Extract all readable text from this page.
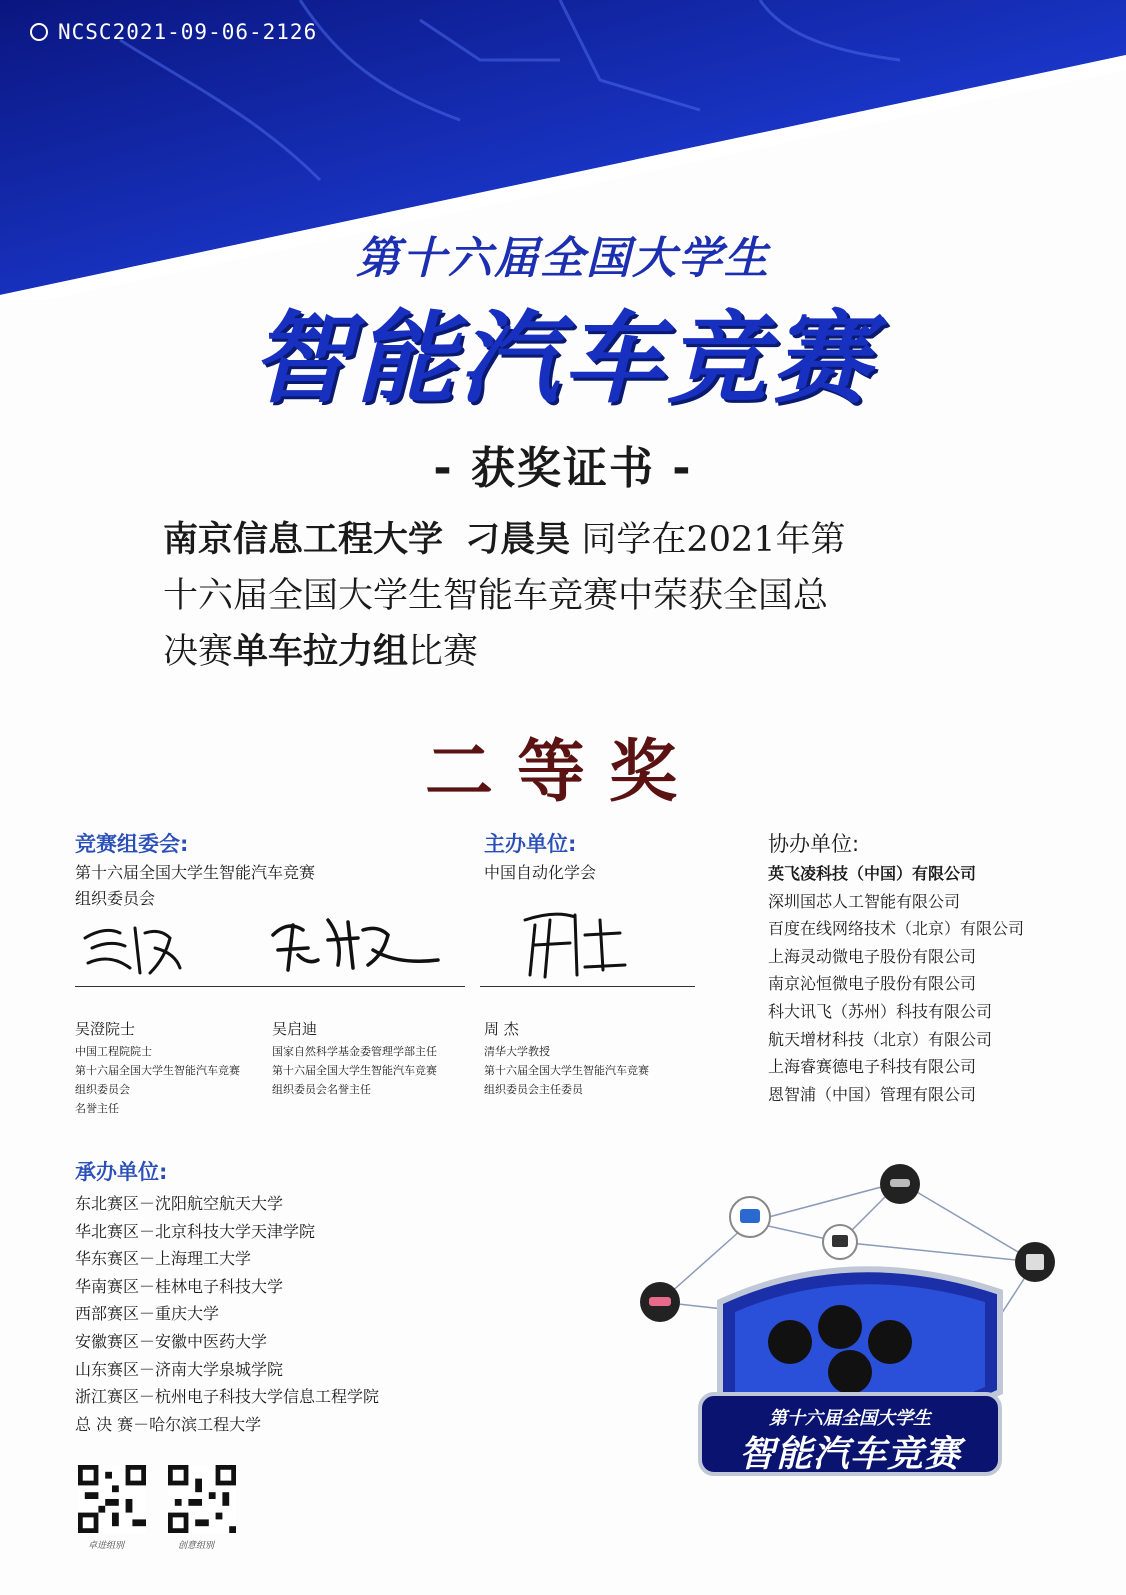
NCSC2021-09-06-2126
第十六届全国大学生
智能汽车竞赛
- 获奖证书 -
南京信息工程大学 刁晨昊 同学在2021年第
十六届全国大学生智能车竞赛中荣获全国总
决赛单车拉力组比赛
二等奖
竞赛组委会:
第十六届全国大学生智能汽车竞赛
组织委员会
吴澄院士
中国工程院院士
第十六届全国大学生智能汽车竞赛
组织委员会
名誉主任
吴启迪
国家自然科学基金委管理学部主任
第十六届全国大学生智能汽车竞赛
组织委员会名誉主任
主办单位:
中国自动化学会
周 杰
清华大学教授
第十六届全国大学生智能汽车竞赛
组织委员会主任委员
协办单位:
英飞凌科技（中国）有限公司
深圳国芯人工智能有限公司
百度在线网络技术（北京）有限公司
上海灵动微电子股份有限公司
南京沁恒微电子股份有限公司
科大讯飞（苏州）科技有限公司
航天增材科技（北京）有限公司
上海睿赛德电子科技有限公司
恩智浦（中国）管理有限公司
承办单位:
东北赛区－沈阳航空航天大学
华北赛区－北京科技大学天津学院
华东赛区－上海理工大学
华南赛区－桂林电子科技大学
西部赛区－重庆大学
安徽赛区－安徽中医药大学
山东赛区－济南大学泉城学院
浙江赛区－杭州电子科技大学信息工程学院
总 决 赛－哈尔滨工程大学
卓进组别	创意组别
第十六届全国大学生
智能汽车竞赛
